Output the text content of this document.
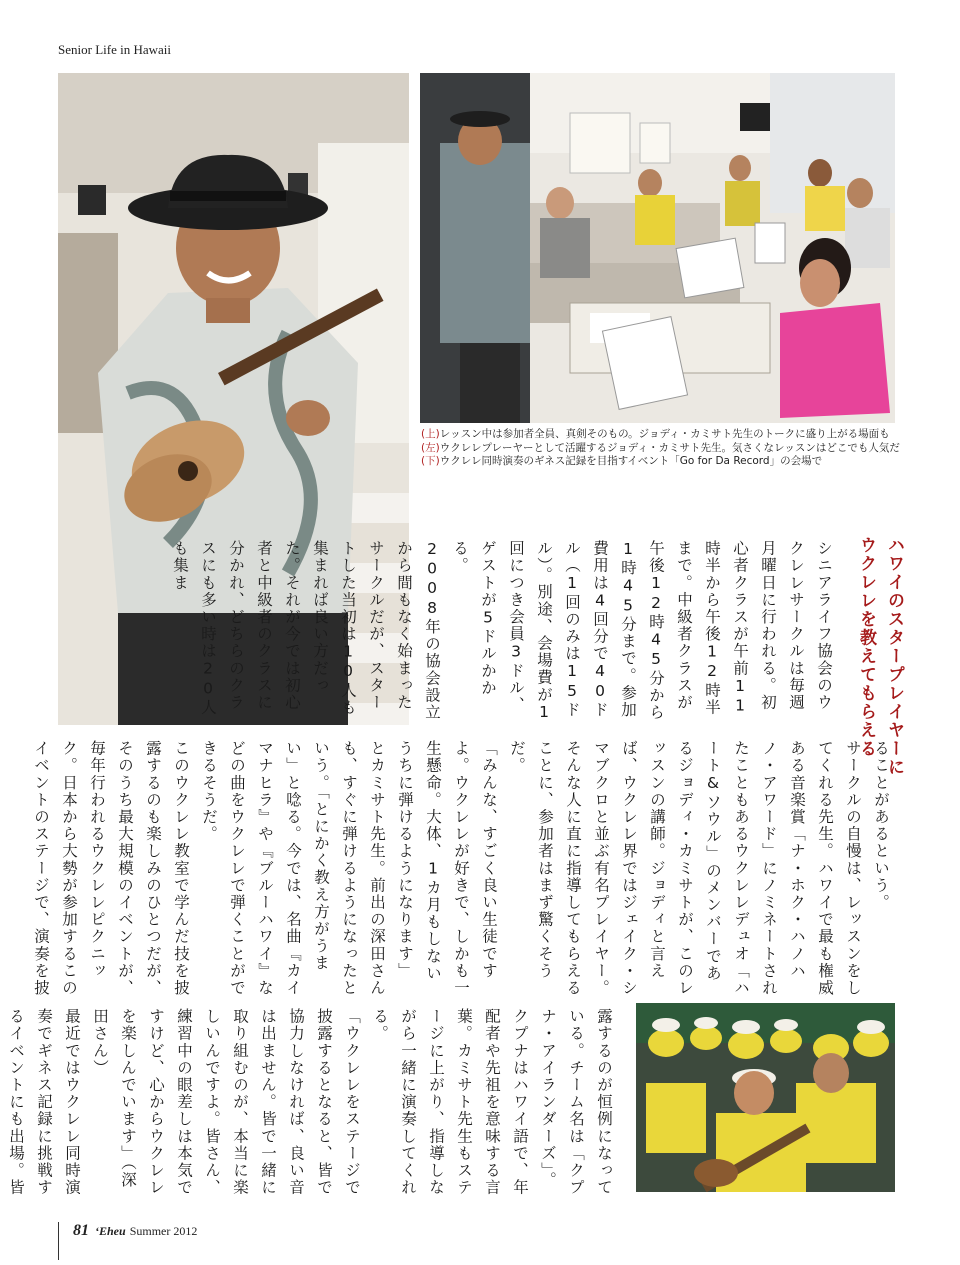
Senior Life in Hawaii
(上)レッスン中は参加者全員、真剣そのもの。ジョディ・カミサト先生のトークに盛り上がる場面も
(左)ウクレレプレーヤーとして活躍するジョディ・カミサト先生。気さくなレッスンはどこでも人気だ
(下)ウクレレ同時演奏のギネス記録を目指すイベント「Go for Da Record」の会場で
ハワイのスタープレイヤーに
ウクレレを教えてもらえる
シニアライフ協会のウクレレサークルは毎週月曜日に行われる。初心者クラスが午前11時半から午後12時半まで。中級者クラスが午後12時45分から1時45分まで。参加費用は4回分で40ドル（1回のみは15ドル）。別途、会場費が1回につき会員3ドル、ゲストが5ドルかかる。
2008年の協会設立から間もなく始まったサークルだが、スタートした当初は10人も集まれば良い方だった。それが今では初心者と中級者のクラスに分かれ、どちらのクラスにも多い時は20人も集ま
ることがあるという。
サークルの自慢は、レッスンをしてくれる先生。ハワイで最も権威ある音楽賞「ナ・ホク・ハノハノ・アワード」にノミネートされたこともあるウクレレデュオ「ハート&ソウル」のメンバーであるジョディ・カミサトが、このレッスンの講師。ジョディと言えば、ウクレレ界ではジェイク・シマブクロと並ぶ有名プレイヤー。そんな人に直に指導してもらえることに、参加者はまず驚くそうだ。
「みんな、すごく良い生徒ですよ。ウクレレが好きで、しかも一生懸命。大体、1カ月もしないうちに弾けるようになります」
とカミサト先生。前出の深田さんも、すぐに弾けるようになったという。「とにかく教え方がうまい」と唸る。今では、名曲『カイマナヒラ』や『ブルーハワイ』などの曲をウクレレで弾くことができるそうだ。
このウクレレ教室で学んだ技を披露するのも楽しみのひとつだが、そのうち最大規模のイベントが、毎年行われるウクレレピクニック。日本から大勢が参加するこのイベントのステージで、演奏を披
露するのが恒例になっている。チーム名は「クプナ・アイランダーズ」。クプナはハワイ語で、年配者や先祖を意味する言葉。カミサト先生もステージに上がり、指導しながら一緒に演奏してくれる。
「ウクレレをステージで披露するとなると、皆で協力しなければ、良い音は出ません。皆で一緒に取り組むのが、本当に楽しいんですよ。皆さん、練習中の眼差しは本気ですけど、心からウクレレを楽しんでいます」（深田さん）
最近ではウクレレ同時演奏でギネス記録に挑戦するイベントにも出場。皆
81 ‘Eheu Summer 2012
